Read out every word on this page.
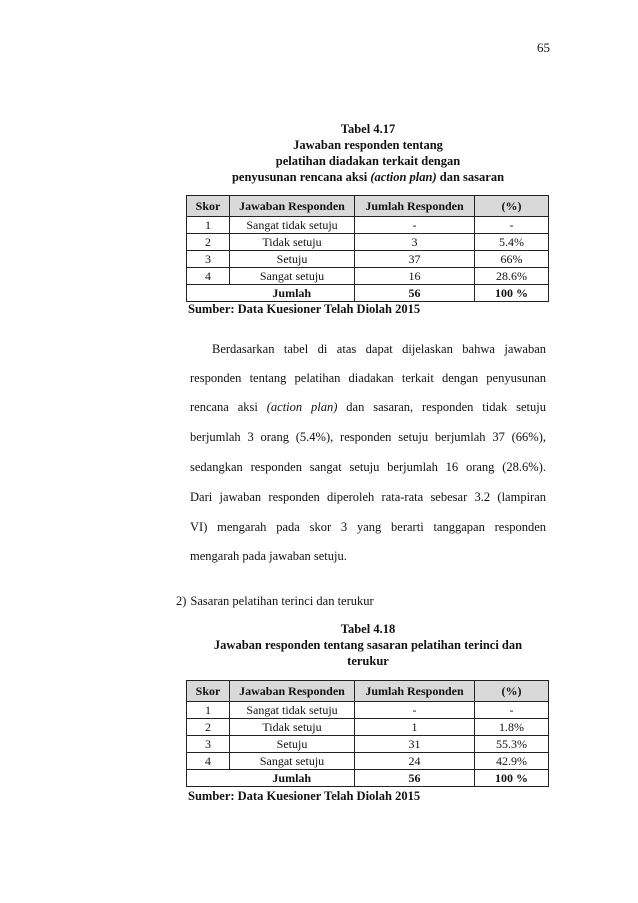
65
Tabel 4.17
Jawaban responden tentang
pelatihan diadakan terkait dengan
penyusunan rencana aksi (action plan) dan sasaran
Skor	Jawaban Responden	Jumlah Responden	(%)
1	Sangat tidak setuju	-	-
2	Tidak setuju	3	5.4%
3	Setuju	37	66%
4	Sangat setuju	16	28.6%
	Jumlah	56	100 %
Sumber: Data Kuesioner Telah Diolah 2015
Berdasarkan tabel di atas dapat dijelaskan bahwa jawaban
responden tentang pelatihan diadakan terkait dengan penyusunan
rencana aksi (action plan) dan sasaran, responden tidak setuju
berjumlah 3 orang (5.4%), responden setuju berjumlah 37 (66%),
sedangkan responden sangat setuju berjumlah 16 orang (28.6%).
Dari jawaban responden diperoleh rata-rata sebesar 3.2 (lampiran
VI) mengarah pada skor 3 yang berarti tanggapan responden
mengarah pada jawaban setuju.
2) Sasaran pelatihan terinci dan terukur
Tabel 4.18
Jawaban responden tentang sasaran pelatihan terinci dan
terukur
Skor	Jawaban Responden	Jumlah Responden	(%)
1	Sangat tidak setuju	-	-
2	Tidak setuju	1	1.8%
3	Setuju	31	55.3%
4	Sangat setuju	24	42.9%
	Jumlah	56	100 %
Sumber: Data Kuesioner Telah Diolah 2015
